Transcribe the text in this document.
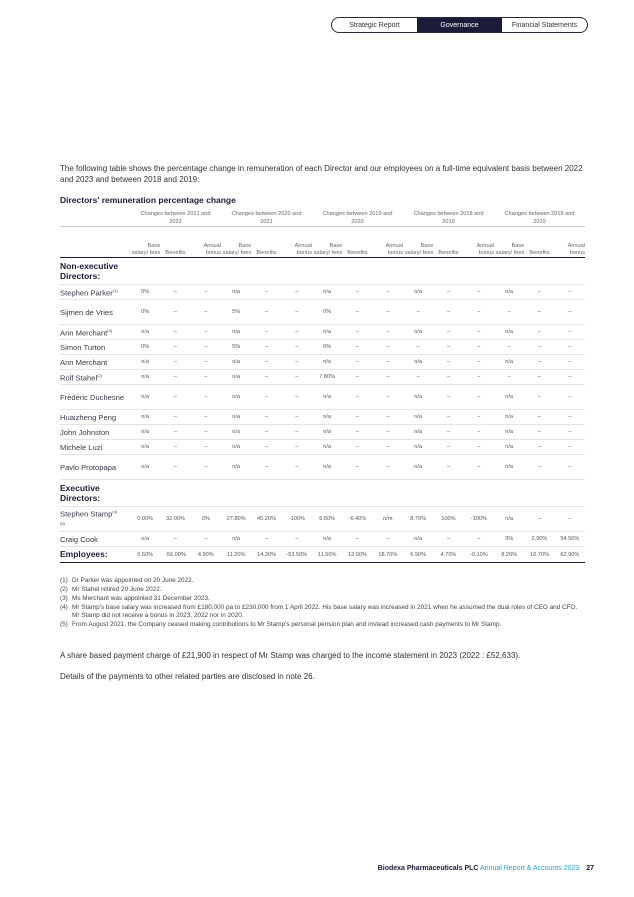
Strategic Report	Governance	Financial Statements
The following table shows the percentage change in remuneration of each Director and our employees on a full-time equivalent basis between 2022 and 2023 and between 2018 and 2019:
Directors' remuneration percentage change
	Changes between 2021 and 2022			Changes between 2020 and 2021			Changes between 2019 and 2020			Changes between 2018 and 2019			Changes between 2018 and 2019		
	Base salary/ fees	Benefits	Annual bonus	Base salary/ fees	Benefits	Annual bonus	Base salary/ fees	Benefits	Annual bonus	Base salary/ fees	Benefits	Annual bonus	Base salary/ fees	Benefits	Annual bonus
Non-executive Directors:															
Stephen Parker$^{(1)}$	0%	–	–	n/a	–	–	n/a	–	–	n/a	–	–	n/a	–	–
Sijmen de Vries	0%	–	–	5%	–	–	0%	–	–	–	–	–	–	–	–
Ann Merchant$^{(3)}$	n/a	–	–	n/a	–	–	n/a	–	–	n/a	–	–	n/a	–	–
Simon Turton	0%	–	–	5%	–	–	0%	–	–	–	–	–	–	–	–
Ann Merchant	n/a	–	–	n/a	–	–	n/a	–	–	n/a	–	–	n/a	–	–
Rolf Stahel$^{(2)}$	n/a	–	–	n/a	–	–	7.80%	–	–	–	–	–	–	–	–
Frédéric Duchesne	n/a	–	–	n/a	–	–	n/a	–	–	n/a	–	–	n/a	–	–
Huaizheng Peng	n/a	–	–	n/a	–	–	n/a	–	–	n/a	–	–	n/a	–	–
John Johnston	n/a	–	–	n/a	–	–	n/a	–	–	n/a	–	–	n/a	–	–
Michele Luzi	n/a	–	–	n/a	–	–	n/a	–	–	n/a	–	–	n/a	–	–
Pavlo Protopapa	n/a	–	–	n/a	–	–	n/a	–	–	n/a	–	–	n/a	–	–
Executive Directors:															
Stephen Stamp$^{(4)}$
$^{(5)}$	0.00%	32.00%	0%	27.80%	45.20%	-100%	6.60%	-6.40%	n/m	8.70%	100%	-100%	n/a	–	–
Craig Cook	n/a	–	–	n/a	–	–	n/a	–	–	n/a	–	–	3%	2.90%	54.50%
Employees:	0.50%	-56.00%	4.90%	11.20%	14.30%	-53.50%	11.50%	12.00%	18.70%	6.90%	4.70%	-0.10%	8.20%	10.70%	62.90%
(1) Dr Parker was appointed on 20 June 2022.
(2) Mr Stahel retired 20 June 2022.
(3) Ms Merchant was appointed 31 December 2023.
(4) Mr Stamp's base salary was increased from £180,000 pa to £230,000 from 1 April 2022. His base salary was increased in 2021 when he assumed the dual roles of CEO and CFO. Mr Stamp did not receive a bonus in 2023, 2022 nor in 2020.
(5) From August 2021, the Company ceased making contributions to Mr Stamp's personal pension plan and instead increased cash payments to Mr Stamp.
A share based payment charge of £21,900 in respect of Mr Stamp was charged to the income statement in 2023 (2022 : £52,633).
Details of the payments to other related parties are disclosed in note 26.
Biodexa Pharmaceuticals PLC Annual Report & Accounts 2023 27
